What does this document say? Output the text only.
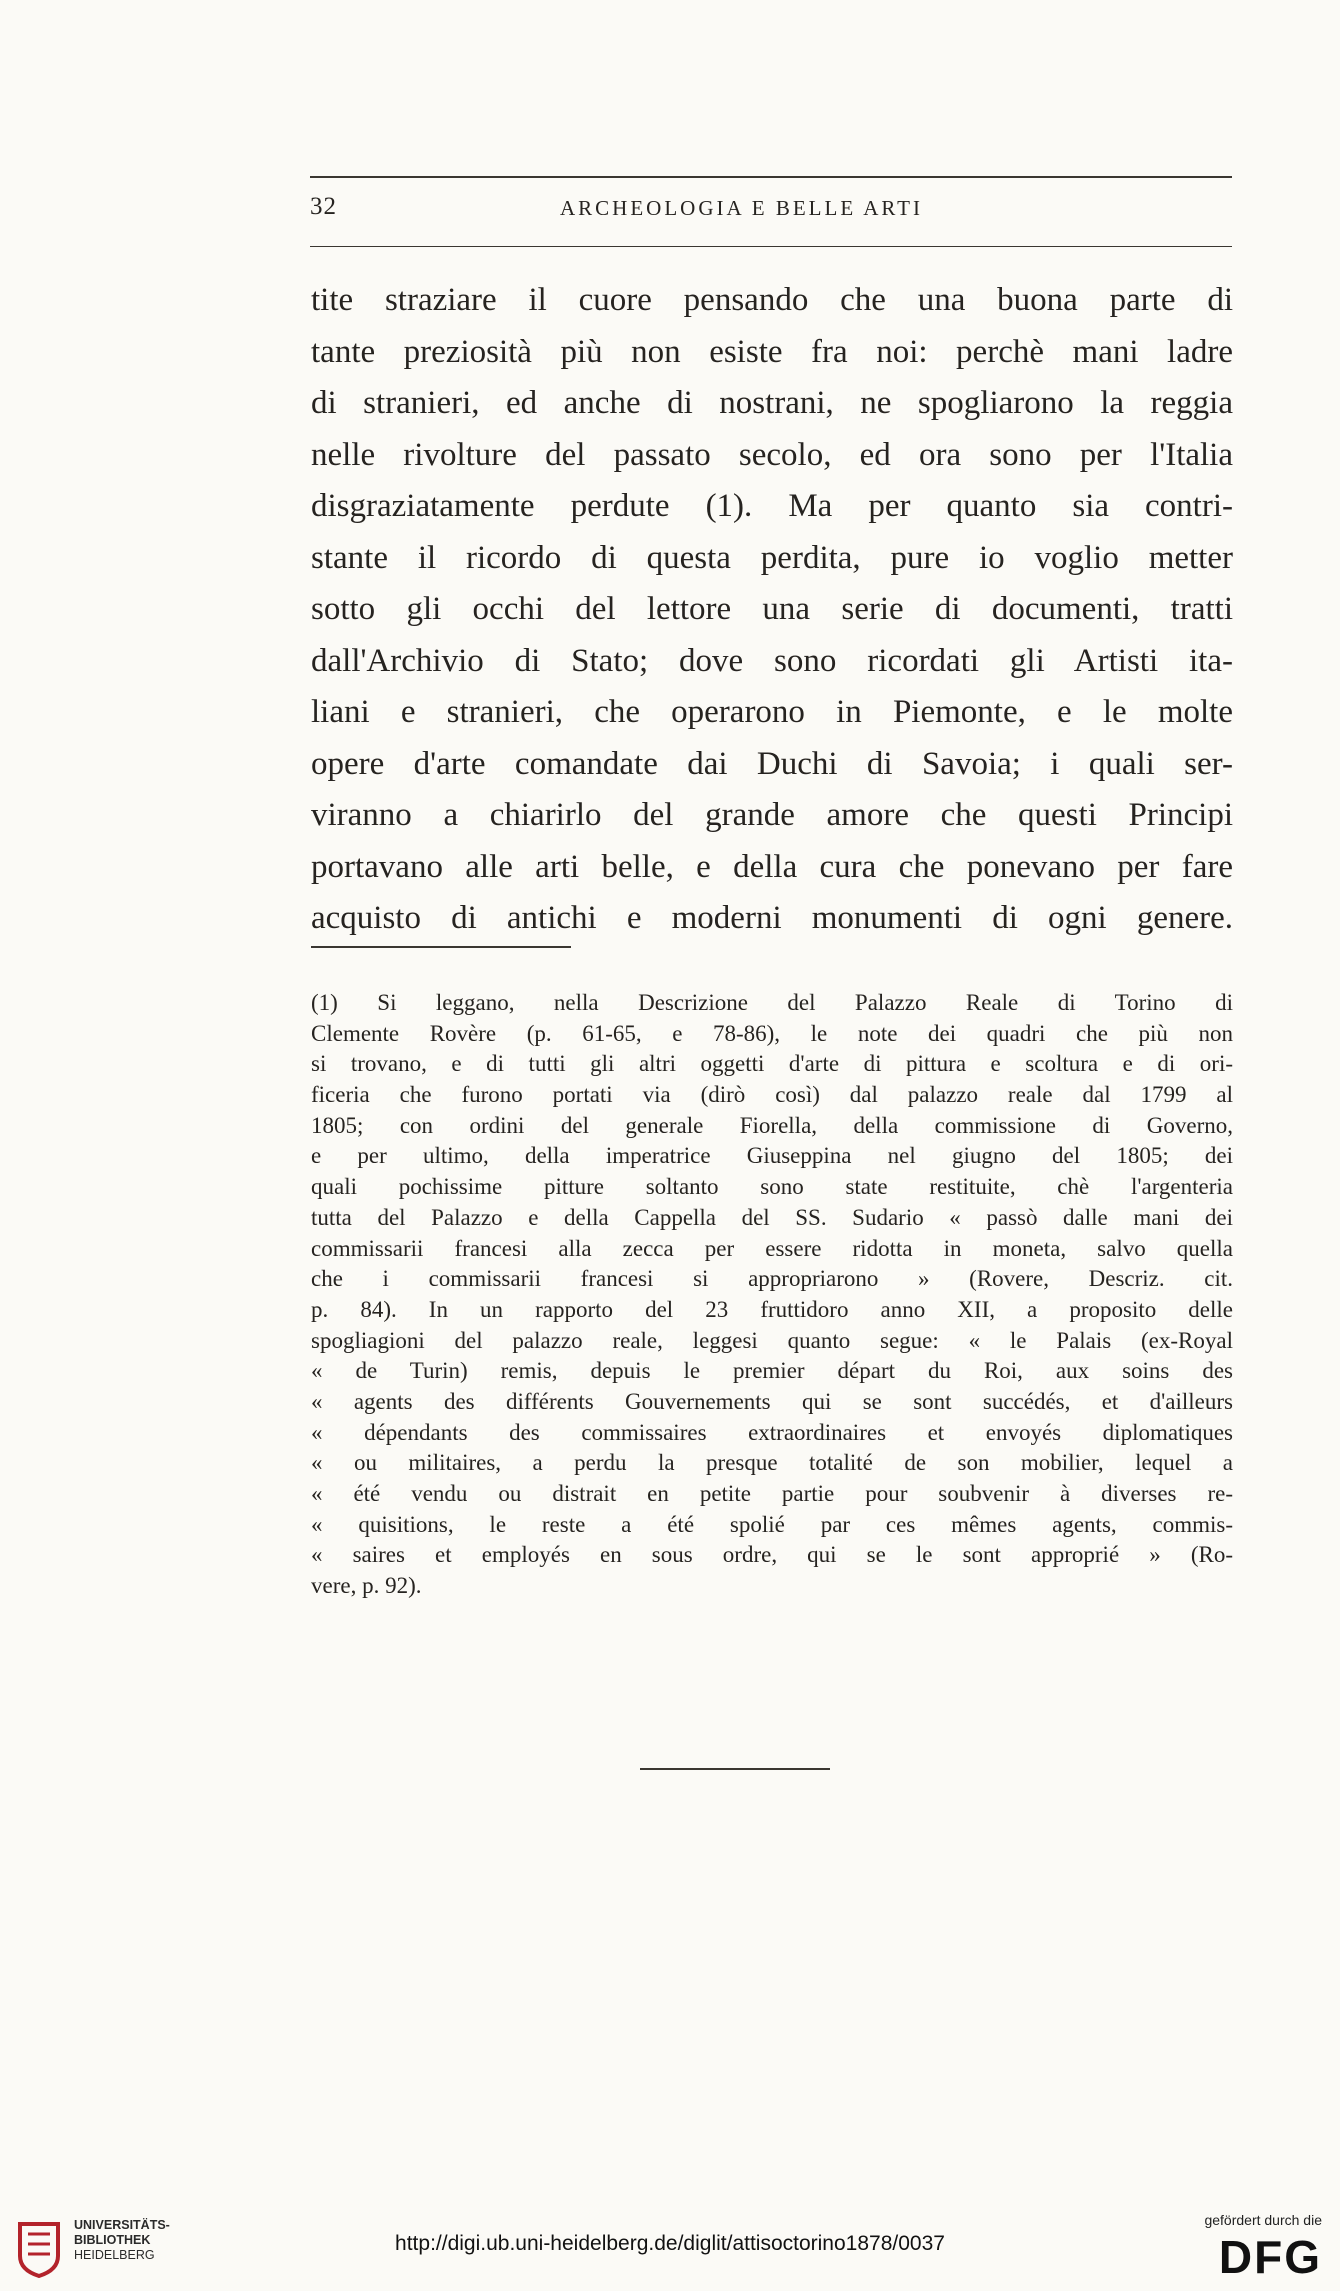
32	ARCHEOLOGIA E BELLE ARTI
tite straziare il cuore pensando che una buona parte di
tante preziosità più non esiste fra noi: perchè mani ladre
di stranieri, ed anche di nostrani, ne spogliarono la reggia
nelle rivolture del passato secolo, ed ora sono per l'Italia
disgraziatamente perdute (1). Ma per quanto sia contri-
stante il ricordo di questa perdita, pure io voglio metter
sotto gli occhi del lettore una serie di documenti, tratti
dall'Archivio di Stato; dove sono ricordati gli Artisti ita-
liani e stranieri, che operarono in Piemonte, e le molte
opere d'arte comandate dai Duchi di Savoia; i quali ser-
viranno a chiarirlo del grande amore che questi Principi
portavano alle arti belle, e della cura che ponevano per fare
acquisto di antichi e moderni monumenti di ogni genere.
(1) Si leggano, nella Descrizione del Palazzo Reale di Torino di
Clemente Rovère (p. 61-65, e 78-86), le note dei quadri che più non
si trovano, e di tutti gli altri oggetti d'arte di pittura e scoltura e di ori-
ficeria che furono portati via (dirò così) dal palazzo reale dal 1799 al
1805; con ordini del generale Fiorella, della commissione di Governo,
e per ultimo, della imperatrice Giuseppina nel giugno del 1805; dei
quali pochissime pitture soltanto sono state restituite, chè l'argenteria
tutta del Palazzo e della Cappella del SS. Sudario « passò dalle mani dei
commissarii francesi alla zecca per essere ridotta in moneta, salvo quella
che i commissarii francesi si appropriarono » (Rovere, Descriz. cit.
p. 84). In un rapporto del 23 fruttidoro anno XII, a proposito delle
spogliagioni del palazzo reale, leggesi quanto segue: « le Palais (ex-Royal
« de Turin) remis, depuis le premier départ du Roi, aux soins des
« agents des différents Gouvernements qui se sont succédés, et d'ailleurs
« dépendants des commissaires extraordinaires et envoyés diplomatiques
« ou militaires, a perdu la presque totalité de son mobilier, lequel a
« été vendu ou distrait en petite partie pour soubvenir à diverses re-
« quisitions, le reste a été spolié par ces mêmes agents, commis-
« saires et employés en sous ordre, qui se le sont approprié » (Ro-
vere, p. 92).
UNIVERSITÄTS-
BIBLIOTHEK
HEIDELBERG	http://digi.ub.uni-heidelberg.de/diglit/attisoctorino1878/0037
gefördert durch die
DFG
